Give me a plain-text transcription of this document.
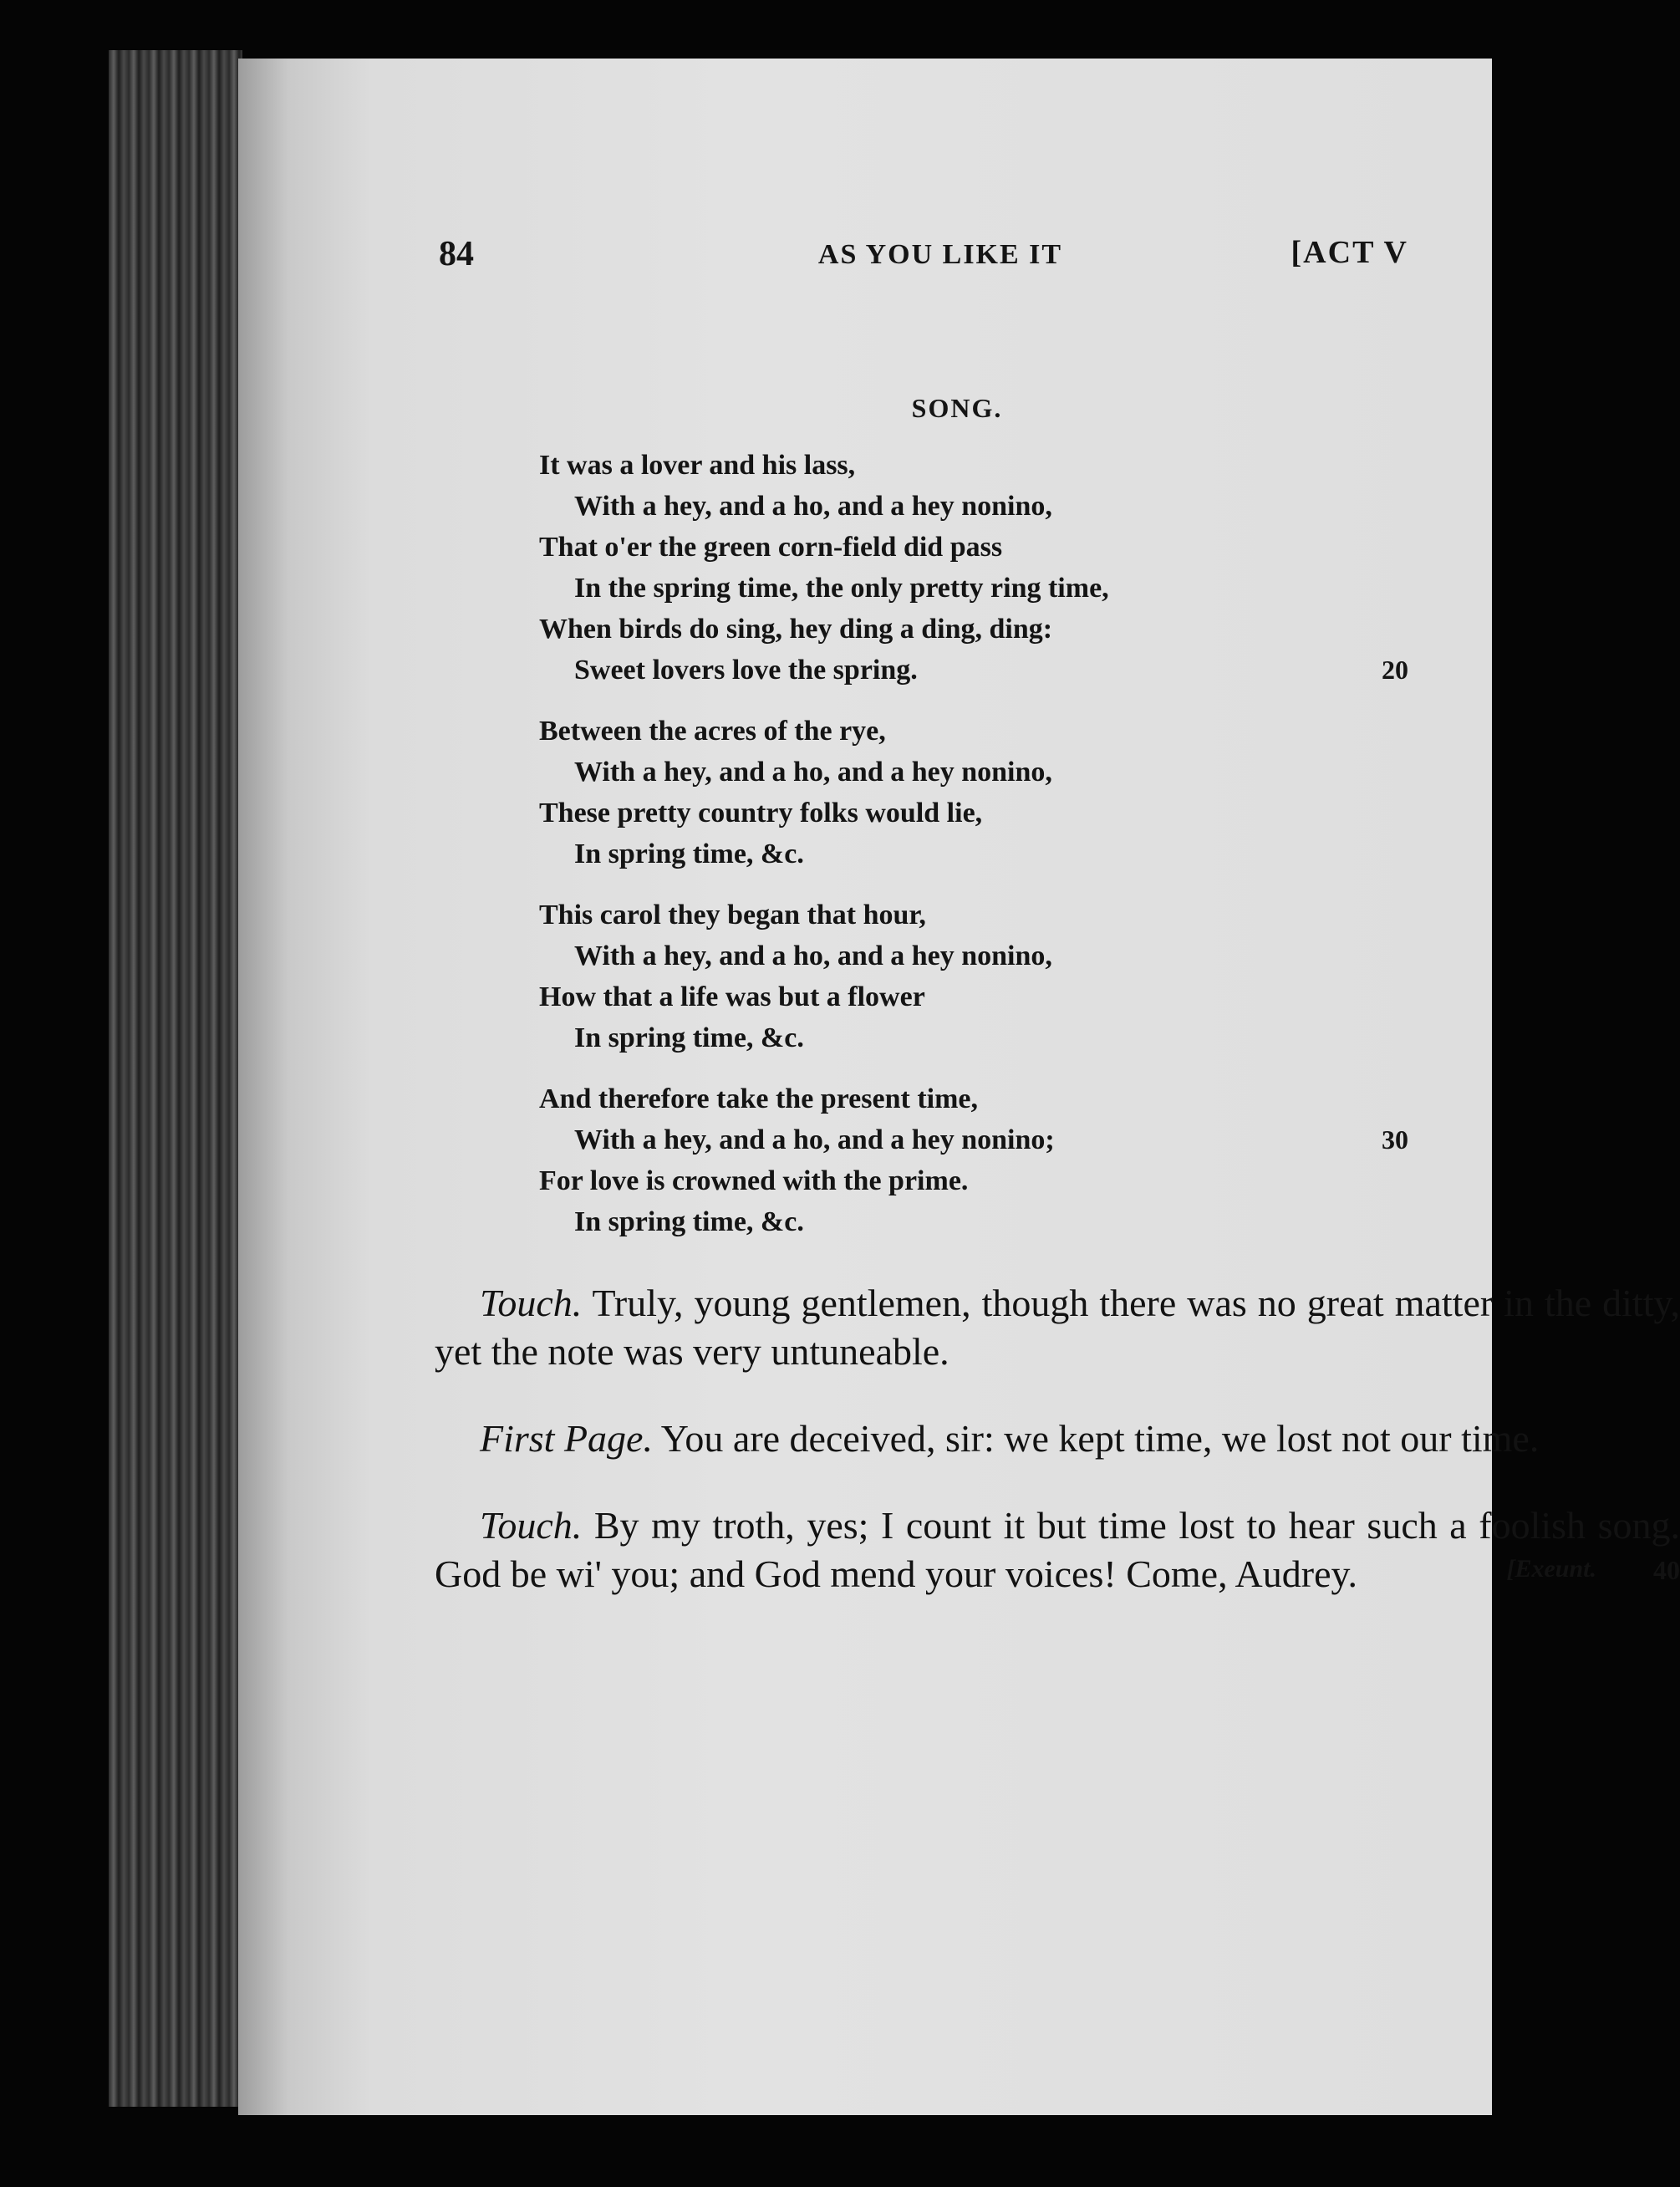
84	AS YOU LIKE IT	[ACT V
SONG.
It was a lover and his lass,
With a hey, and a ho, and a hey nonino,
That o'er the green corn-field did pass
In the spring time, the only pretty ring time,
When birds do sing, hey ding a ding, ding:
Sweet lovers love the spring.	20
Between the acres of the rye,
With a hey, and a ho, and a hey nonino,
These pretty country folks would lie,
In spring time, &c.
This carol they began that hour,
With a hey, and a ho, and a hey nonino,
How that a life was but a flower
In spring time, &c.
And therefore take the present time,
With a hey, and a ho, and a hey nonino;	30
For love is crowned with the prime.
In spring time, &c.

Touch. Truly, young gentlemen, though there was no great matter in the ditty, yet the note was very untuneable.

First Page. You are deceived, sir: we kept time, we lost not our time.

Touch. By my troth, yes; I count it but time lost to hear such a foolish song. God be wi' you; and God mend your voices! Come, Audrey.	[Exeunt. 40
